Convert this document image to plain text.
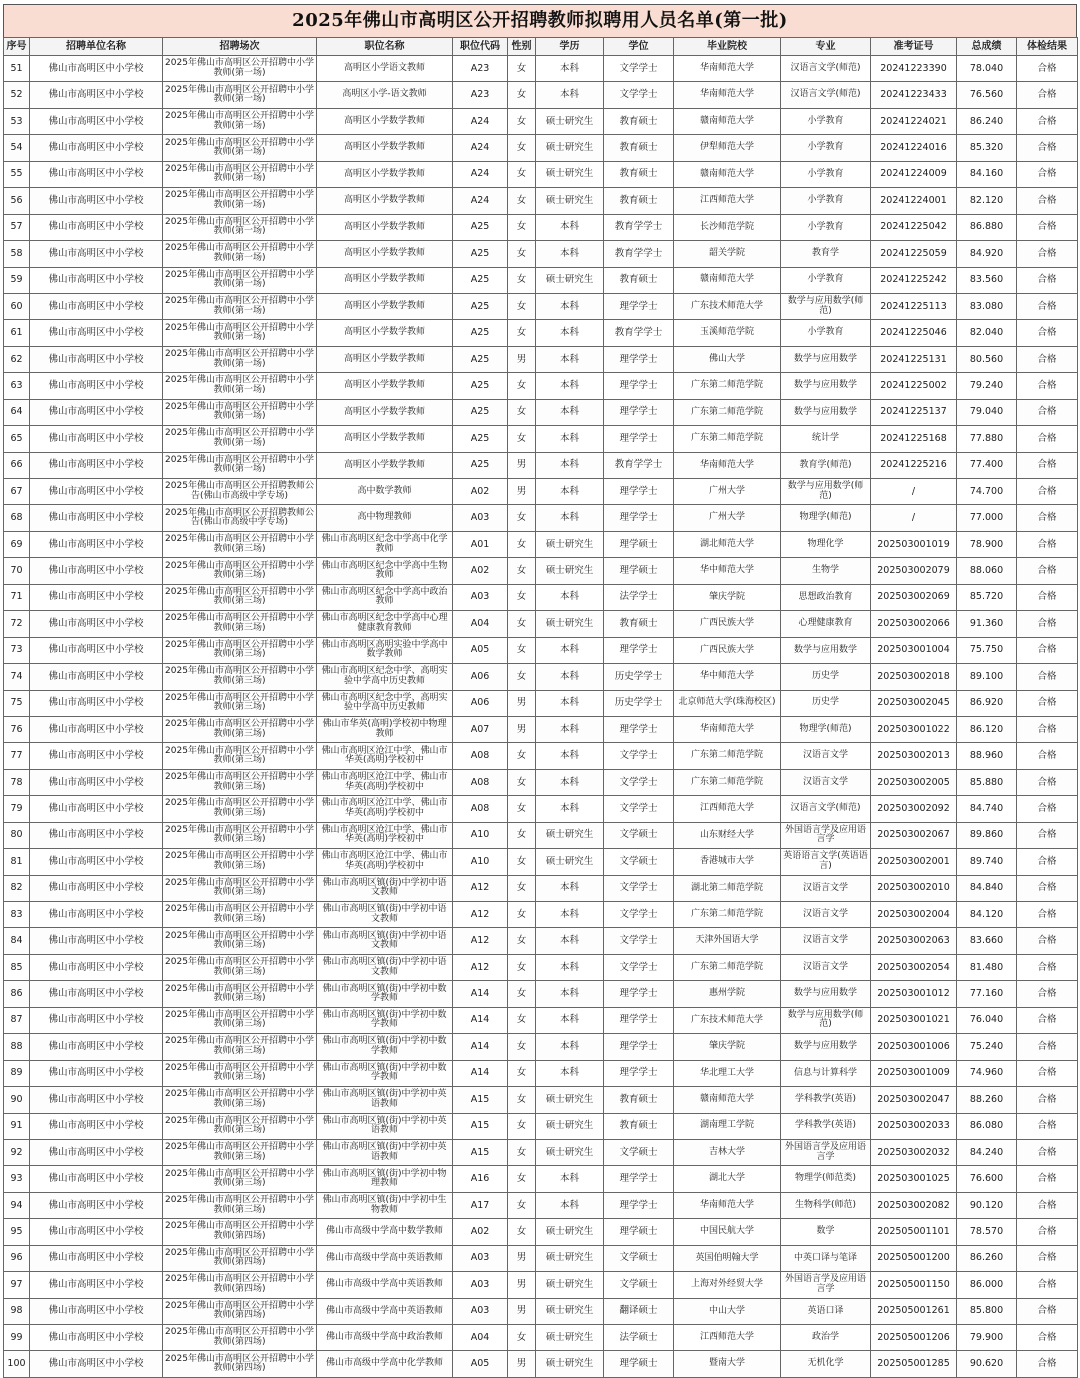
2025年佛山市高明区公开招聘教师拟聘用人员名单(第一批)
序号	招聘单位名称	招聘场次	职位名称	职位代码	性别	学历	学位	毕业院校	专业	准考证号	总成绩	体检结果
51	佛山市高明区中小学校	2025年佛山市高明区公开招聘中小学教师(第一场)	高明区小学语文教师	A23	女	本科	文学学士	华南师范大学	汉语言文学(师范)	20241223390	78.040	合格
52	佛山市高明区中小学校	2025年佛山市高明区公开招聘中小学教师(第一场)	高明区小学-语文教师	A23	女	本科	文学学士	华南师范大学	汉语言文学(师范)	20241223433	76.560	合格
53	佛山市高明区中小学校	2025年佛山市高明区公开招聘中小学教师(第一场)	高明区小学数学教师	A24	女	硕士研究生	教育硕士	赣南师范大学	小学教育	20241224021	86.240	合格
54	佛山市高明区中小学校	2025年佛山市高明区公开招聘中小学教师(第一场)	高明区小学数学教师	A24	女	硕士研究生	教育硕士	伊犁师范大学	小学教育	20241224016	85.320	合格
55	佛山市高明区中小学校	2025年佛山市高明区公开招聘中小学教师(第一场)	高明区小学数学教师	A24	女	硕士研究生	教育硕士	赣南师范大学	小学教育	20241224009	84.160	合格
56	佛山市高明区中小学校	2025年佛山市高明区公开招聘中小学教师(第一场)	高明区小学数学教师	A24	女	硕士研究生	教育硕士	江西师范大学	小学教育	20241224001	82.120	合格
57	佛山市高明区中小学校	2025年佛山市高明区公开招聘中小学教师(第一场)	高明区小学数学教师	A25	女	本科	教育学学士	长沙师范学院	小学教育	20241225042	86.880	合格
58	佛山市高明区中小学校	2025年佛山市高明区公开招聘中小学教师(第一场)	高明区小学数学教师	A25	女	本科	教育学学士	韶关学院	教育学	20241225059	84.920	合格
59	佛山市高明区中小学校	2025年佛山市高明区公开招聘中小学教师(第一场)	高明区小学数学教师	A25	女	硕士研究生	教育硕士	赣南师范大学	小学教育	20241225242	83.560	合格
60	佛山市高明区中小学校	2025年佛山市高明区公开招聘中小学教师(第一场)	高明区小学数学教师	A25	女	本科	理学学士	广东技术师范大学	数学与应用数学(师范)	20241225113	83.080	合格
61	佛山市高明区中小学校	2025年佛山市高明区公开招聘中小学教师(第一场)	高明区小学数学教师	A25	女	本科	教育学学士	玉溪师范学院	小学教育	20241225046	82.040	合格
62	佛山市高明区中小学校	2025年佛山市高明区公开招聘中小学教师(第一场)	高明区小学数学教师	A25	男	本科	理学学士	佛山大学	数学与应用数学	20241225131	80.560	合格
63	佛山市高明区中小学校	2025年佛山市高明区公开招聘中小学教师(第一场)	高明区小学数学教师	A25	女	本科	理学学士	广东第二师范学院	数学与应用数学	20241225002	79.240	合格
64	佛山市高明区中小学校	2025年佛山市高明区公开招聘中小学教师(第一场)	高明区小学数学教师	A25	女	本科	理学学士	广东第二师范学院	数学与应用数学	20241225137	79.040	合格
65	佛山市高明区中小学校	2025年佛山市高明区公开招聘中小学教师(第一场)	高明区小学数学教师	A25	女	本科	理学学士	广东第二师范学院	统计学	20241225168	77.880	合格
66	佛山市高明区中小学校	2025年佛山市高明区公开招聘中小学教师(第一场)	高明区小学数学教师	A25	男	本科	教育学学士	华南师范大学	教育学(师范)	20241225216	77.400	合格
67	佛山市高明区中小学校	2025年佛山市高明区公开招聘教师公告(佛山市高级中学专场)	高中数学教师	A02	男	本科	理学学士	广州大学	数学与应用数学(师范)	/	74.700	合格
68	佛山市高明区中小学校	2025年佛山市高明区公开招聘教师公告(佛山市高级中学专场)	高中物理教师	A03	女	本科	理学学士	广州大学	物理学(师范)	/	77.000	合格
69	佛山市高明区中小学校	2025年佛山市高明区公开招聘中小学教师(第三场)	佛山市高明区纪念中学高中化学教师	A01	女	硕士研究生	理学硕士	湖北师范大学	物理化学	202503001019	78.900	合格
70	佛山市高明区中小学校	2025年佛山市高明区公开招聘中小学教师(第三场)	佛山市高明区纪念中学高中生物教师	A02	女	硕士研究生	理学硕士	华中师范大学	生物学	202503002079	88.060	合格
71	佛山市高明区中小学校	2025年佛山市高明区公开招聘中小学教师(第三场)	佛山市高明区纪念中学高中政治教师	A03	女	本科	法学学士	肇庆学院	思想政治教育	202503002069	85.720	合格
72	佛山市高明区中小学校	2025年佛山市高明区公开招聘中小学教师(第三场)	佛山市高明区纪念中学高中心理健康教育教师	A04	女	硕士研究生	教育硕士	广西民族大学	心理健康教育	202503002066	91.360	合格
73	佛山市高明区中小学校	2025年佛山市高明区公开招聘中小学教师(第三场)	佛山市高明区高明实验中学高中数学教师	A05	女	本科	理学学士	广西民族大学	数学与应用数学	202503001004	75.750	合格
74	佛山市高明区中小学校	2025年佛山市高明区公开招聘中小学教师(第三场)	佛山市高明区纪念中学、高明实验中学高中历史教师	A06	女	本科	历史学学士	华中师范大学	历史学	202503002018	89.100	合格
75	佛山市高明区中小学校	2025年佛山市高明区公开招聘中小学教师(第三场)	佛山市高明区纪念中学、高明实验中学高中历史教师	A06	男	本科	历史学学士	北京师范大学(珠海校区)	历史学	202503002045	86.920	合格
76	佛山市高明区中小学校	2025年佛山市高明区公开招聘中小学教师(第三场)	佛山市华英(高明)学校初中物理教师	A07	男	本科	理学学士	华南师范大学	物理学(师范)	202503001022	86.120	合格
77	佛山市高明区中小学校	2025年佛山市高明区公开招聘中小学教师(第三场)	佛山市高明区沧江中学、佛山市华英(高明)学校初中	A08	女	本科	文学学士	广东第二师范学院	汉语言文学	202503002013	88.960	合格
78	佛山市高明区中小学校	2025年佛山市高明区公开招聘中小学教师(第三场)	佛山市高明区沧江中学、佛山市华英(高明)学校初中	A08	女	本科	文学学士	广东第二师范学院	汉语言文学	202503002005	85.880	合格
79	佛山市高明区中小学校	2025年佛山市高明区公开招聘中小学教师(第三场)	佛山市高明区沧江中学、佛山市华英(高明)学校初中	A08	女	本科	文学学士	江西师范大学	汉语言文学(师范)	202503002092	84.740	合格
80	佛山市高明区中小学校	2025年佛山市高明区公开招聘中小学教师(第三场)	佛山市高明区沧江中学、佛山市华英(高明)学校初中	A10	女	硕士研究生	文学硕士	山东财经大学	外国语言学及应用语言学	202503002067	89.860	合格
81	佛山市高明区中小学校	2025年佛山市高明区公开招聘中小学教师(第三场)	佛山市高明区沧江中学、佛山市华英(高明)学校初中	A10	女	硕士研究生	文学硕士	香港城市大学	英语语言文学(英语语言)	202503002001	89.740	合格
82	佛山市高明区中小学校	2025年佛山市高明区公开招聘中小学教师(第三场)	佛山市高明区镇(街)中学初中语文教师	A12	女	本科	文学学士	湖北第二师范学院	汉语言文学	202503002010	84.840	合格
83	佛山市高明区中小学校	2025年佛山市高明区公开招聘中小学教师(第三场)	佛山市高明区镇(街)中学初中语文教师	A12	女	本科	文学学士	广东第二师范学院	汉语言文学	202503002004	84.120	合格
84	佛山市高明区中小学校	2025年佛山市高明区公开招聘中小学教师(第三场)	佛山市高明区镇(街)中学初中语文教师	A12	女	本科	文学学士	天津外国语大学	汉语言文学	202503002063	83.660	合格
85	佛山市高明区中小学校	2025年佛山市高明区公开招聘中小学教师(第三场)	佛山市高明区镇(街)中学初中语文教师	A12	女	本科	文学学士	广东第二师范学院	汉语言文学	202503002054	81.480	合格
86	佛山市高明区中小学校	2025年佛山市高明区公开招聘中小学教师(第三场)	佛山市高明区镇(街)中学初中数学教师	A14	女	本科	理学学士	惠州学院	数学与应用数学	202503001012	77.160	合格
87	佛山市高明区中小学校	2025年佛山市高明区公开招聘中小学教师(第三场)	佛山市高明区镇(街)中学初中数学教师	A14	女	本科	理学学士	广东技术师范大学	数学与应用数学(师范)	202503001021	76.040	合格
88	佛山市高明区中小学校	2025年佛山市高明区公开招聘中小学教师(第三场)	佛山市高明区镇(街)中学初中数学教师	A14	女	本科	理学学士	肇庆学院	数学与应用数学	202503001006	75.240	合格
89	佛山市高明区中小学校	2025年佛山市高明区公开招聘中小学教师(第三场)	佛山市高明区镇(街)中学初中数学教师	A14	女	本科	理学学士	华北理工大学	信息与计算科学	202503001009	74.960	合格
90	佛山市高明区中小学校	2025年佛山市高明区公开招聘中小学教师(第三场)	佛山市高明区镇(街)中学初中英语教师	A15	女	硕士研究生	教育硕士	赣南师范大学	学科教学(英语)	202503002047	88.260	合格
91	佛山市高明区中小学校	2025年佛山市高明区公开招聘中小学教师(第三场)	佛山市高明区镇(街)中学初中英语教师	A15	女	硕士研究生	教育硕士	湖南理工学院	学科教学(英语)	202503002033	86.080	合格
92	佛山市高明区中小学校	2025年佛山市高明区公开招聘中小学教师(第三场)	佛山市高明区镇(街)中学初中英语教师	A15	女	硕士研究生	文学硕士	吉林大学	外国语言学及应用语言学	202503002032	84.240	合格
93	佛山市高明区中小学校	2025年佛山市高明区公开招聘中小学教师(第三场)	佛山市高明区镇(街)中学初中物理教师	A16	女	本科	理学学士	湖北大学	物理学(师范类)	202503001025	76.600	合格
94	佛山市高明区中小学校	2025年佛山市高明区公开招聘中小学教师(第三场)	佛山市高明区镇(街)中学初中生物教师	A17	女	本科	理学学士	华南师范大学	生物科学(师范)	202503002082	90.120	合格
95	佛山市高明区中小学校	2025年佛山市高明区公开招聘中小学教师(第四场)	佛山市高级中学高中数学教师	A02	女	硕士研究生	理学硕士	中国民航大学	数学	202505001101	78.570	合格
96	佛山市高明区中小学校	2025年佛山市高明区公开招聘中小学教师(第四场)	佛山市高级中学高中英语教师	A03	男	硕士研究生	文学硕士	英国伯明翰大学	中英口译与笔译	202505001200	86.260	合格
97	佛山市高明区中小学校	2025年佛山市高明区公开招聘中小学教师(第四场)	佛山市高级中学高中英语教师	A03	男	硕士研究生	文学硕士	上海对外经贸大学	外国语言学及应用语言学	202505001150	86.000	合格
98	佛山市高明区中小学校	2025年佛山市高明区公开招聘中小学教师(第四场)	佛山市高级中学高中英语教师	A03	男	硕士研究生	翻译硕士	中山大学	英语口译	202505001261	85.800	合格
99	佛山市高明区中小学校	2025年佛山市高明区公开招聘中小学教师(第四场)	佛山市高级中学高中政治教师	A04	女	硕士研究生	法学硕士	江西师范大学	政治学	202505001206	79.900	合格
100	佛山市高明区中小学校	2025年佛山市高明区公开招聘中小学教师(第四场)	佛山市高级中学高中化学教师	A05	男	硕士研究生	理学硕士	暨南大学	无机化学	202505001285	90.620	合格
